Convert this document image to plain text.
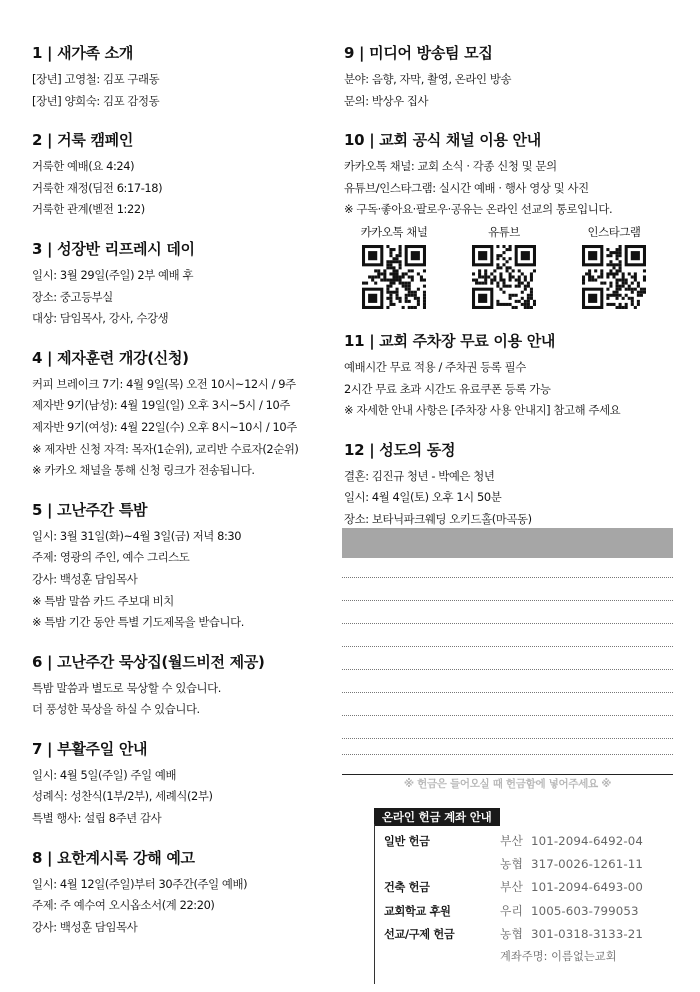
1 | 새가족 소개
[장년] 고영철: 김포 구래동
[장년] 양희숙: 김포 감정동
2 | 거룩 캠페인
거룩한 예배(요 4:24)
거룩한 재정(딤전 6:17-18)
거룩한 관계(벧전 1:22)
3 | 성장반 리프레시 데이
일시: 3월 29일(주일) 2부 예배 후
장소: 중고등부실
대상: 담임목사, 강사, 수강생
4 | 제자훈련 개강(신청)
커피 브레이크 7기: 4월 9일(목) 오전 10시~12시 / 9주
제자반 9기(남성): 4월 19일(일) 오후 3시~5시 / 10주
제자반 9기(여성): 4월 22일(수) 오후 8시~10시 / 10주
※ 제자반 신청 자격: 목자(1순위), 교리반 수료자(2순위)
※ 카카오 채널을 통해 신청 링크가 전송됩니다.
5 | 고난주간 특밤
일시: 3월 31일(화)~4월 3일(금) 저녁 8:30
주제: 영광의 주인, 예수 그리스도
강사: 백성훈 담임목사
※ 특밤 말씀 카드 주보대 비치
※ 특밤 기간 동안 특별 기도제목을 받습니다.
6 | 고난주간 묵상집(월드비전 제공)
특밤 말씀과 별도로 묵상할 수 있습니다.
더 풍성한 묵상을 하실 수 있습니다.
7 | 부활주일 안내
일시: 4월 5일(주일) 주일 예배
성례식: 성찬식(1부/2부), 세례식(2부)
특별 행사: 설립 8주년 감사
8 | 요한계시록 강해 예고
일시: 4월 12일(주일)부터 30주간(주일 예배)
주제: 주 예수여 오시옵소서(계 22:20)
강사: 백성훈 담임목사
9 | 미디어 방송팀 모집
분야: 음향, 자막, 촬영, 온라인 방송
문의: 박상우 집사
10 | 교회 공식 채널 이용 안내
카카오톡 채널: 교회 소식 · 각종 신청 및 문의
유튜브/인스타그램: 실시간 예배 · 행사 영상 및 사진
※ 구독·좋아요·팔로우·공유는 온라인 선교의 통로입니다.
카카오톡 채널	유튜브	인스타그램
11 | 교회 주차장 무료 이용 안내
예배시간 무료 적용 / 주차권 등록 필수
2시간 무료 초과 시간도 유료쿠폰 등록 가능
※ 자세한 안내 사항은 [주차장 사용 안내지] 참고해 주세요
12 | 성도의 동정
결혼: 김진규 청년 - 박예은 청년
일시: 4월 4일(토) 오후 1시 50분
장소: 보타닉파크웨딩 오키드홀(마곡동)
※ 헌금은 들어오실 때 헌금함에 넣어주세요 ※
온라인 헌금 계좌 안내
일반 헌금	부산 101-2094-6492-04
농협 317-0026-1261-11
건축 헌금	부산 101-2094-6493-00
교회학교 후원	우리 1005-603-799053
선교/구제 헌금	농협 301-0318-3133-21
계좌주명: 이름없는교회
